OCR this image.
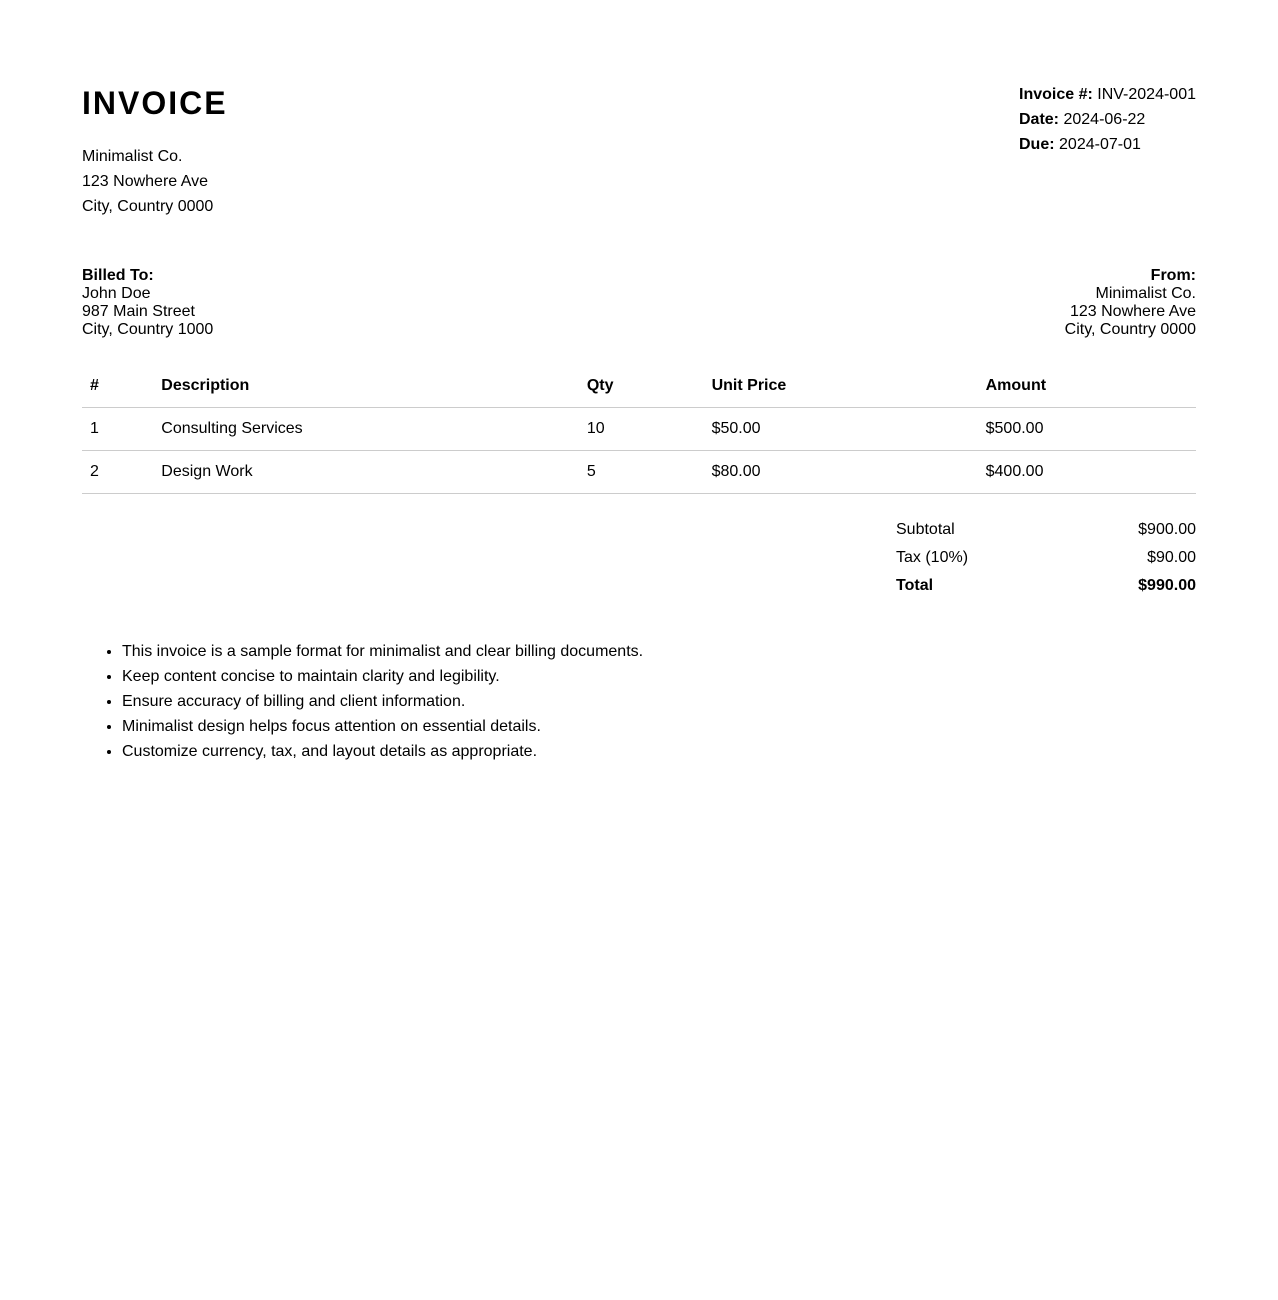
INVOICE
Minimalist Co.
123 Nowhere Ave
City, Country 0000
Invoice #: INV-2024-001
Date: 2024-06-22
Due: 2024-07-01
Billed To:
John Doe
987 Main Street
City, Country 1000
From:
Minimalist Co.
123 Nowhere Ave
City, Country 0000
#	Description	Qty	Unit Price	Amount
1	Consulting Services	10	$50.00	$500.00
2	Design Work	5	$80.00	$400.00
Subtotal	$900.00
Tax (10%)	$90.00
Total	$990.00
• This invoice is a sample format for minimalist and clear billing documents.
• Keep content concise to maintain clarity and legibility.
• Ensure accuracy of billing and client information.
• Minimalist design helps focus attention on essential details.
• Customize currency, tax, and layout details as appropriate.
